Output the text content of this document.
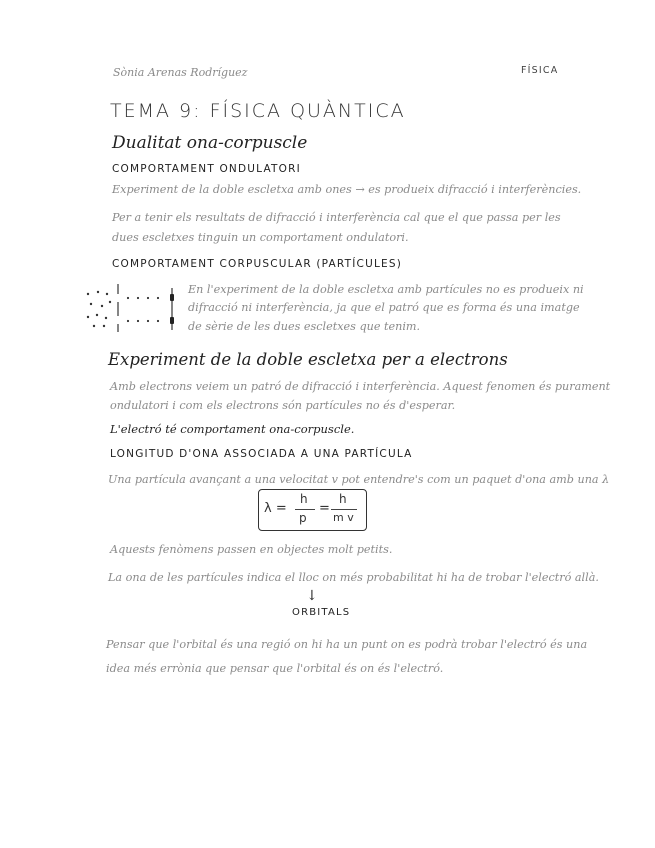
Sònia Arenas Rodríguez	FÍSICA
TEMA 9: FÍSICA QUÀNTICA
Dualitat ona-corpuscle
COMPORTAMENT ONDULATORI
Experiment de la doble escletxa amb ones → es produeix difracció i interferències.
Per a tenir els resultats de difracció i interferència cal que el que passa per les
dues escletxes tinguin un comportament ondulatori.
COMPORTAMENT CORPUSCULAR (PARTÍCULES)
En l'experiment de la doble escletxa amb partícules no es produeix ni
difracció ni interferència, ja que el patró que es forma és una imatge
de sèrie de les dues escletxes que tenim.
Experiment de la doble escletxa per a electrons
Amb electrons veiem un patró de difracció i interferència. Aquest fenomen és purament
ondulatori i com els electrons són partícules no és d'esperar.
L'electró té comportament ona-corpuscle.
LONGITUD D'ONA ASSOCIADA A UNA PARTÍCULA
Una partícula avançant a una velocitat v pot entendre's com un paquet d'ona amb una λ
λ =
h
p
=
h
m v
Aquests fenòmens passen en objectes molt petits.
La ona de les partícules indica el lloc on més probabilitat hi ha de trobar l'electró allà.
↓
ORBITALS
Pensar que l'orbital és una regió on hi ha un punt on es podrà trobar l'electró és una
idea més errònia que pensar que l'orbital és on és l'electró.
